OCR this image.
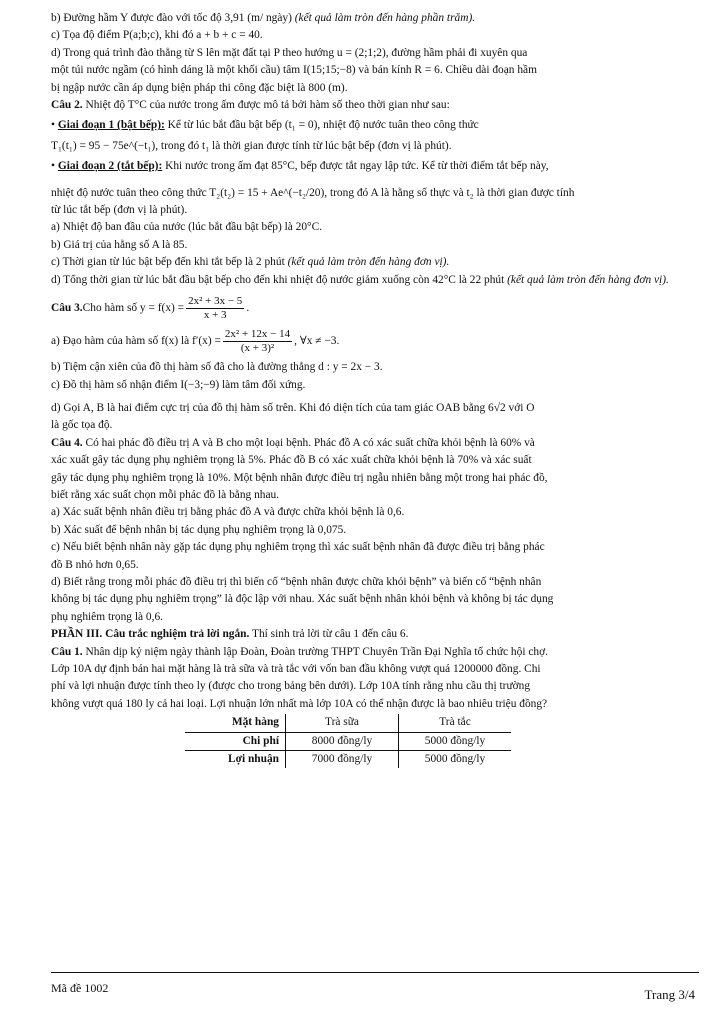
b) Đường hầm Y được đào với tốc độ 3,91 (m/ ngày) (kết quả làm tròn đến hàng phần trăm).

c) Tọa độ điểm P(a;b;c), khi đó a + b + c = 40.

d) Trong quá trình đào thẳng từ S lên mặt đất tại P theo hướng u = (2;1;2), đường hầm phải đi xuyên qua

một túi nước ngầm (có hình dáng là một khối cầu) tâm I(15;15;−8) và bán kính R = 6. Chiều dài đoạn hầm

bị ngập nước cần áp dụng biện pháp thi công đặc biệt là 800 (m).

Câu 2. Nhiệt độ T°C của nước trong ấm được mô tả bởi hàm số theo thời gian như sau:

• Giai đoạn 1 (bật bếp): Kể từ lúc bắt đầu bật bếp (t₁ = 0), nhiệt độ nước tuân theo công thức

T₁(t₁) = 95 − 75e^(−t₁), trong đó t₁ là thời gian được tính từ lúc bật bếp (đơn vị là phút).

• Giai đoạn 2 (tắt bếp): Khi nước trong ấm đạt 85°C, bếp được tắt ngay lập tức. Kể từ thời điểm tắt bếp này,

nhiệt độ nước tuân theo công thức T₂(t₂) = 15 + Ae^(−t₂/20), trong đó A là hằng số thực và t₂ là thời gian được tính

từ lúc tắt bếp (đơn vị là phút).

a) Nhiệt độ ban đầu của nước (lúc bắt đầu bật bếp) là 20°C.

b) Giá trị của hằng số A là 85.

c) Thời gian từ lúc bật bếp đến khi tắt bếp là 2 phút (kết quả làm tròn đến hàng đơn vị).

d) Tổng thời gian từ lúc bắt đầu bật bếp cho đến khi nhiệt độ nước giảm xuống còn 42°C là 22 phút (kết quả làm tròn đến hàng đơn vị).

Câu 3. Cho hàm số $y = f(x) = \frac{\text{2x² + 3x − 5}}{x + 3}$ .
a) Đạo hàm của hàm số f(x) là $f'(x) = \frac{\text{2x² + 12x − 14}}{\text{(x + 3)²}}$ , ∀x ≠ −3.

b) Tiệm cận xiên của đồ thị hàm số đã cho là đường thẳng d : y = 2x − 3.

c) Đồ thị hàm số nhận điểm I(−3;−9) làm tâm đối xứng.

d) Gọi A, B là hai điểm cực trị của đồ thị hàm số trên. Khi đó diện tích của tam giác OAB bằng 6√2 với O

là gốc tọa độ.

Câu 4. Có hai phác đồ điều trị A và B cho một loại bệnh. Phác đồ A có xác suất chữa khỏi bệnh là 60% và

xác xuất gây tác dụng phụ nghiêm trọng là 5%. Phác đồ B có xác xuất chữa khỏi bệnh là 70% và xác suất

gây tác dụng phụ nghiêm trọng là 10%. Một bệnh nhân được điều trị ngẫu nhiên bằng một trong hai phác đồ,

biết rằng xác suất chọn mỗi phác đồ là bằng nhau.

a) Xác suất bệnh nhân điều trị bằng phác đồ A và được chữa khỏi bệnh là 0,6.

b) Xác suất để bệnh nhân bị tác dụng phụ nghiêm trọng là 0,075.

c) Nếu biết bệnh nhân này gặp tác dụng phụ nghiêm trọng thì xác suất bệnh nhân đã được điều trị bằng phác

đồ B nhỏ hơn 0,65.

d) Biết rằng trong mỗi phác đồ điều trị thì biến cố “bệnh nhân được chữa khỏi bệnh” và biến cố “bệnh nhân

không bị tác dụng phụ nghiêm trọng” là độc lập với nhau. Xác suất bệnh nhân khỏi bệnh và không bị tác dụng

phụ nghiêm trọng là 0,6.

PHẦN III. Câu trắc nghiệm trả lời ngắn. Thí sinh trả lời từ câu 1 đến câu 6.

Câu 1. Nhân dịp kỷ niệm ngày thành lập Đoàn, Đoàn trường THPT Chuyên Trần Đại Nghĩa tổ chức hội chợ.

Lớp 10A dự định bán hai mặt hàng là trà sữa và trà tắc với vốn ban đầu không vượt quá 1200000 đồng. Chi

phí và lợi nhuận được tính theo ly (được cho trong bảng bên dưới). Lớp 10A tính rằng nhu cầu thị trường

không vượt quá 180 ly cả hai loại. Lợi nhuận lớn nhất mà lớp 10A có thể nhận được là bao nhiêu triệu đồng?

Mặt hàng	Trà sữa	Trà tắc
Chi phí	8000 đồng/ly	5000 đồng/ly
Lợi nhuận	7000 đồng/ly	5000 đồng/ly
Mã đề 1002	Trang 3/4
